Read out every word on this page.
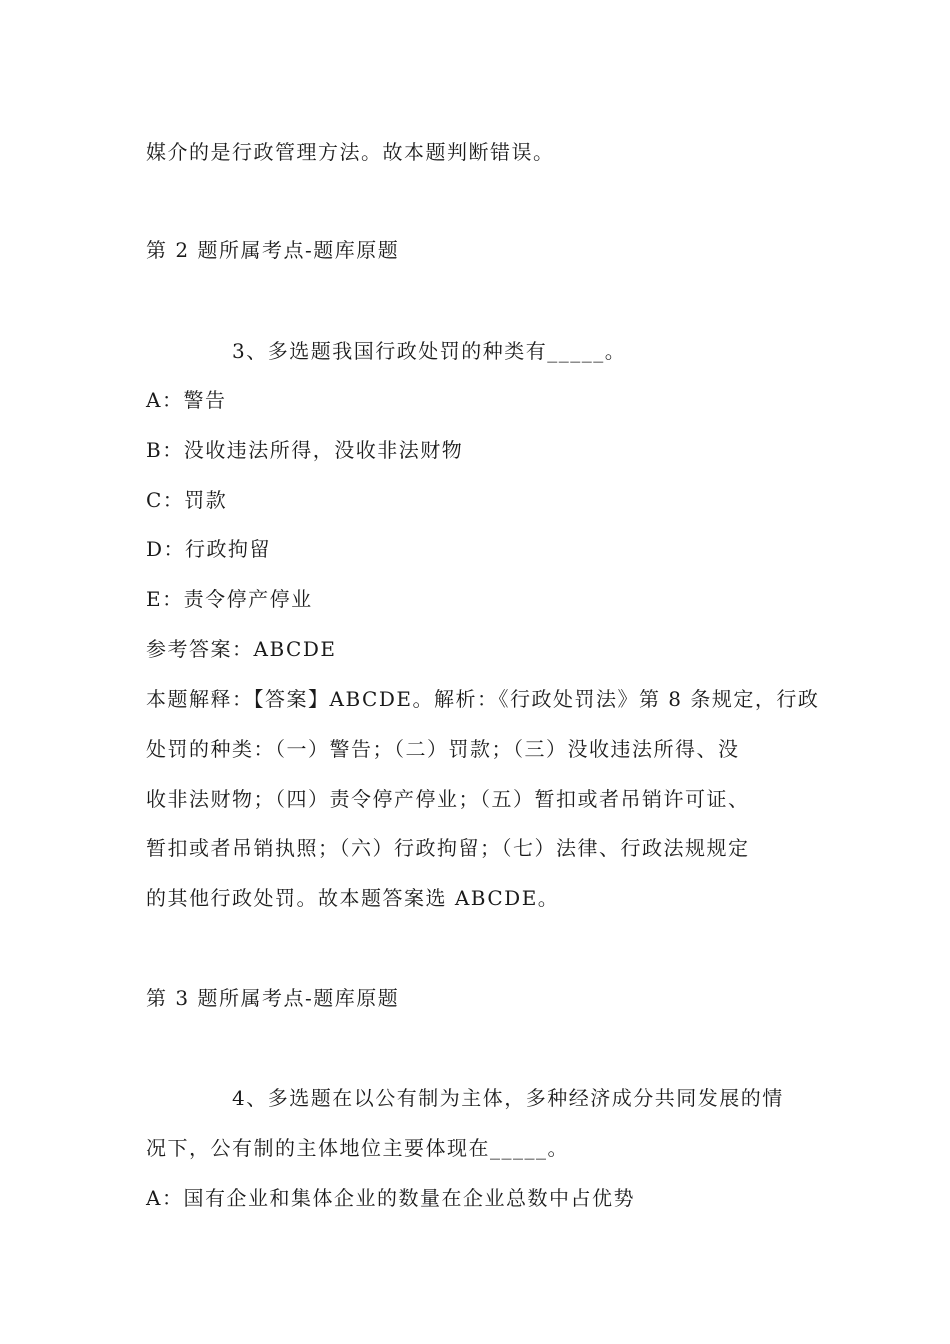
媒介的是行政管理方法。故本题判断错误。
第 2 题所属考点-题库原题
3、多选题我国行政处罚的种类有_____。
A：警告
B：没收违法所得，没收非法财物
C：罚款
D：行政拘留
E：责令停产停业
参考答案：ABCDE
本题解释：【答案】ABCDE。解析：《行政处罚法》第 8 条规定，行政
处罚的种类：（一）警告；（二）罚款；（三）没收违法所得、没
收非法财物；（四）责令停产停业；（五）暂扣或者吊销许可证、
暂扣或者吊销执照；（六）行政拘留；（七）法律、行政法规规定
的其他行政处罚。故本题答案选 ABCDE。
第 3 题所属考点-题库原题
4、多选题在以公有制为主体，多种经济成分共同发展的情
况下，公有制的主体地位主要体现在_____。
A：国有企业和集体企业的数量在企业总数中占优势
